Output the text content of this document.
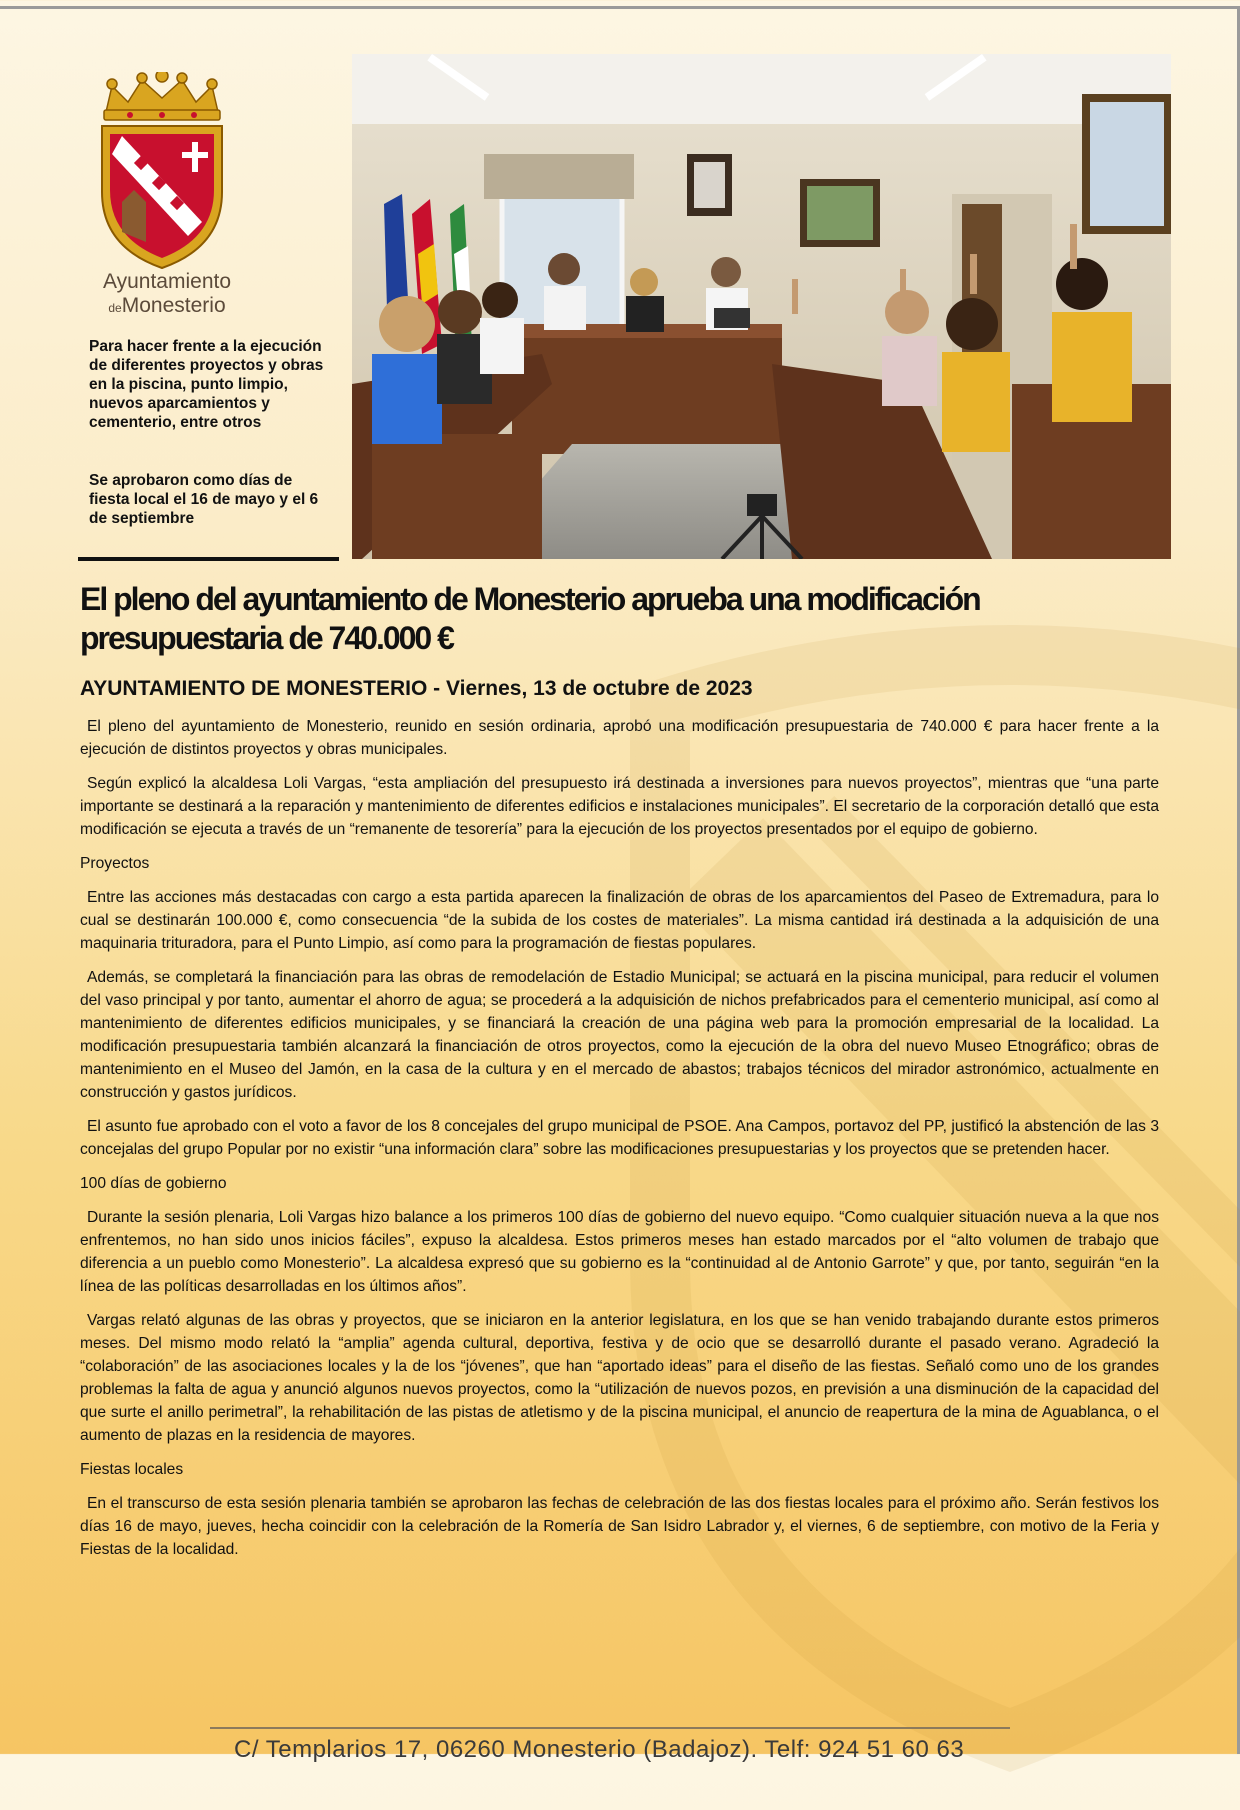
Ayuntamiento
deMonesterio
Para hacer frente a la ejecución de diferentes proyectos y obras en la piscina, punto limpio, nuevos aparcamientos y cementerio, entre otros
Se aprobaron como días de fiesta local el 16 de mayo y el 6 de septiembre
El pleno del ayuntamiento de Monesterio aprueba una modificación presupuestaria de 740.000 €

AYUNTAMIENTO DE MONESTERIO - Viernes, 13 de octubre de 2023

El pleno del ayuntamiento de Monesterio, reunido en sesión ordinaria, aprobó una modificación presupuestaria de 740.000 € para hacer frente a la ejecución de distintos proyectos y obras municipales.

Según explicó la alcaldesa Loli Vargas, “esta ampliación del presupuesto irá destinada a inversiones para nuevos proyectos”, mientras que “una parte importante se destinará a la reparación y mantenimiento de diferentes edificios e instalaciones municipales”. El secretario de la corporación detalló que esta modificación se ejecuta a través de un “remanente de tesorería” para la ejecución de los proyectos presentados por el equipo de gobierno.

Proyectos

Entre las acciones más destacadas con cargo a esta partida aparecen la finalización de obras de los aparcamientos del Paseo de Extremadura, para lo cual se destinarán 100.000 €, como consecuencia “de la subida de los costes de materiales”. La misma cantidad irá destinada a la adquisición de una maquinaria trituradora, para el Punto Limpio, así como para la programación de fiestas populares.

Además, se completará la financiación para las obras de remodelación de Estadio Municipal; se actuará en la piscina municipal, para reducir el volumen del vaso principal y por tanto, aumentar el ahorro de agua; se procederá a la adquisición de nichos prefabricados para el cementerio municipal, así como al mantenimiento de diferentes edificios municipales, y se financiará la creación de una página web para la promoción empresarial de la localidad. La modificación presupuestaria también alcanzará la financiación de otros proyectos, como la ejecución de la obra del nuevo Museo Etnográfico; obras de mantenimiento en el Museo del Jamón, en la casa de la cultura y en el mercado de abastos; trabajos técnicos del mirador astronómico, actualmente en construcción y gastos jurídicos.

El asunto fue aprobado con el voto a favor de los 8 concejales del grupo municipal de PSOE. Ana Campos, portavoz del PP, justificó la abstención de las 3 concejalas del grupo Popular por no existir “una información clara” sobre las modificaciones presupuestarias y los proyectos que se pretenden hacer.

100 días de gobierno

Durante la sesión plenaria, Loli Vargas hizo balance a los primeros 100 días de gobierno del nuevo equipo. “Como cualquier situación nueva a la que nos enfrentemos, no han sido unos inicios fáciles”, expuso la alcaldesa. Estos primeros meses han estado marcados por el “alto volumen de trabajo que diferencia a un pueblo como Monesterio”. La alcaldesa expresó que su gobierno es la “continuidad al de Antonio Garrote” y que, por tanto, seguirán “en la línea de las políticas desarrolladas en los últimos años”.

Vargas relató algunas de las obras y proyectos, que se iniciaron en la anterior legislatura, en los que se han venido trabajando durante estos primeros meses. Del mismo modo relató la “amplia” agenda cultural, deportiva, festiva y de ocio que se desarrolló durante el pasado verano. Agradeció la “colaboración” de las asociaciones locales y la de los “jóvenes”, que han “aportado ideas” para el diseño de las fiestas. Señaló como uno de los grandes problemas la falta de agua y anunció algunos nuevos proyectos, como la “utilización de nuevos pozos, en previsión a una disminución de la capacidad del que surte el anillo perimetral”, la rehabilitación de las pistas de atletismo y de la piscina municipal, el anuncio de reapertura de la mina de Aguablanca, o el aumento de plazas en la residencia de mayores.

Fiestas locales

En el transcurso de esta sesión plenaria también se aprobaron las fechas de celebración de las dos fiestas locales para el próximo año. Serán festivos los días 16 de mayo, jueves, hecha coincidir con la celebración de la Romería de San Isidro Labrador y, el viernes, 6 de septiembre, con motivo de la Feria y Fiestas de la localidad.

C/ Templarios 17, 06260 Monesterio (Badajoz). Telf: 924 51 60 63
